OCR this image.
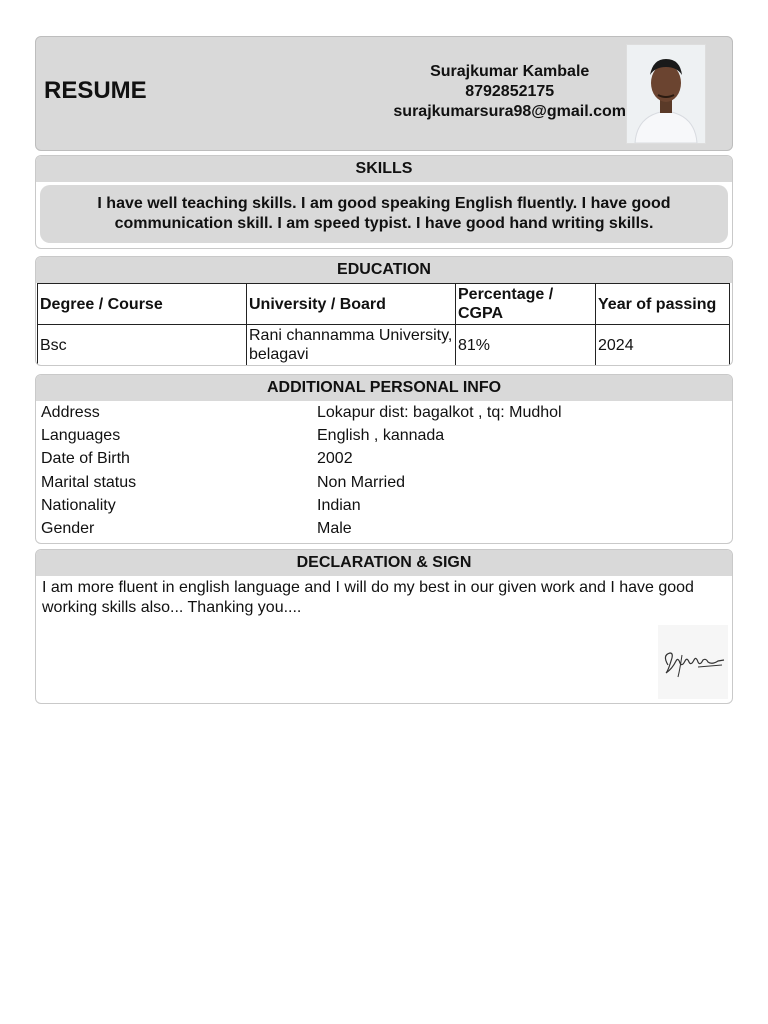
RESUME
Surajkumar Kambale
8792852175
surajkumarsura98@gmail.com
SKILLS
I have well teaching skills. I am good speaking English fluently. I have good communication skill. I am speed typist. I have good hand writing skills.
EDUCATION
Degree / Course	University / Board	Percentage / CGPA	Year of passing
Bsc	Rani channamma University, belagavi	81%	2024
ADDITIONAL PERSONAL INFO
Address	Lokapur dist: bagalkot , tq: Mudhol
Languages	English , kannada
Date of Birth	2002
Marital status	Non Married
Nationality	Indian
Gender	Male
DECLARATION & SIGN
I am more fluent in english language and I will do my best in our given work and I have good working skills also... Thanking you....
